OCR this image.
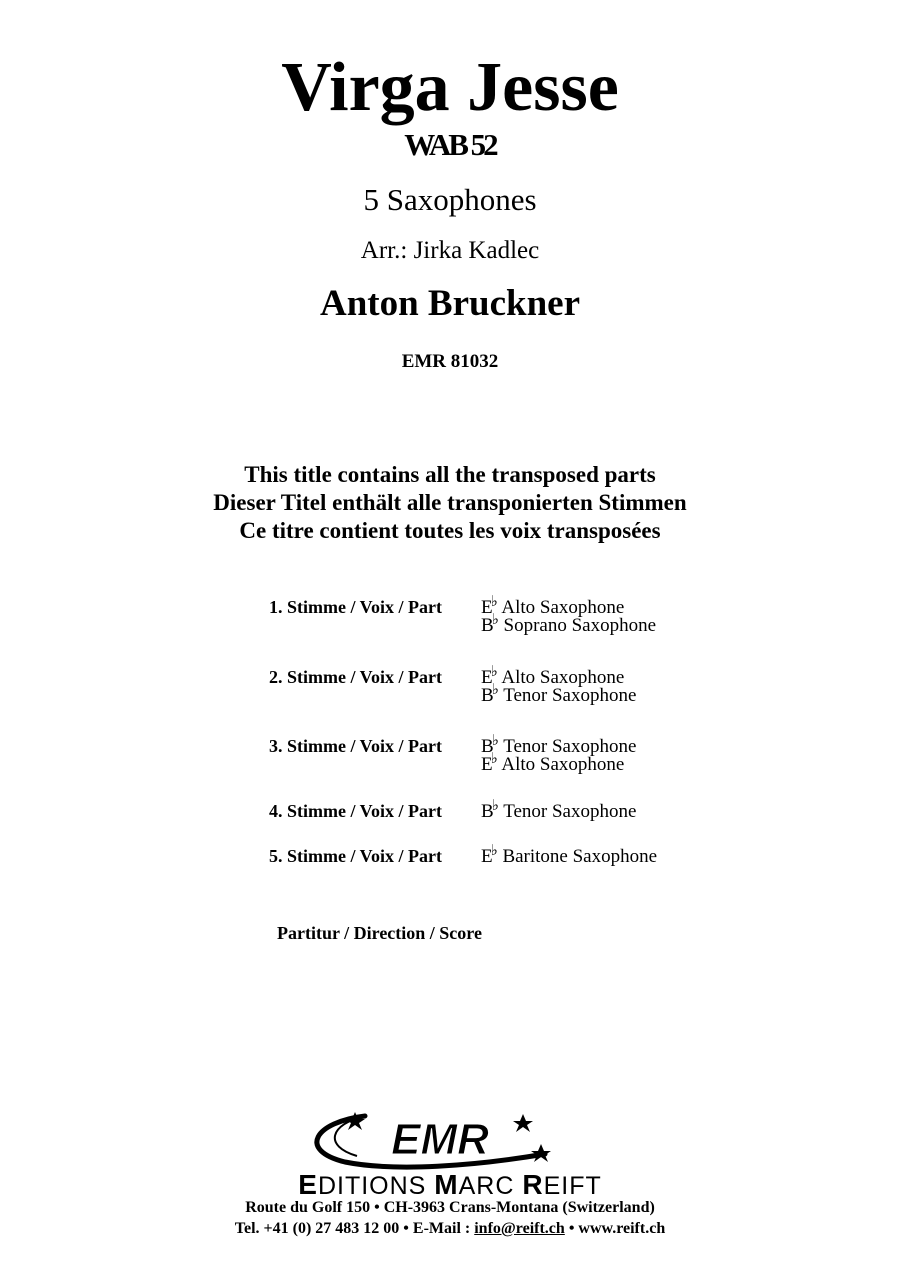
Virga Jesse
WAB 52
5 Saxophones
Arr.: Jirka Kadlec
Anton Bruckner
EMR 81032
This title contains all the transposed parts
Dieser Titel enthält alle transponierten Stimmen
Ce titre contient toutes les voix transposées
1. Stimme / Voix / Part E♭ Alto Saxophone
B♭ Soprano Saxophone
2. Stimme / Voix / Part E♭ Alto Saxophone
B♭ Tenor Saxophone
3. Stimme / Voix / Part B♭ Tenor Saxophone
E♭ Alto Saxophone
4. Stimme / Voix / Part B♭ Tenor Saxophone
5. Stimme / Voix / Part E♭ Baritone Saxophone
Partitur / Direction / Score
EMR
EDITIONS MARC REIFT
Route du Golf 150 • CH-3963 Crans-Montana (Switzerland)
Tel. +41 (0) 27 483 12 00 • E-Mail : info@reift.ch • www.reift.ch
